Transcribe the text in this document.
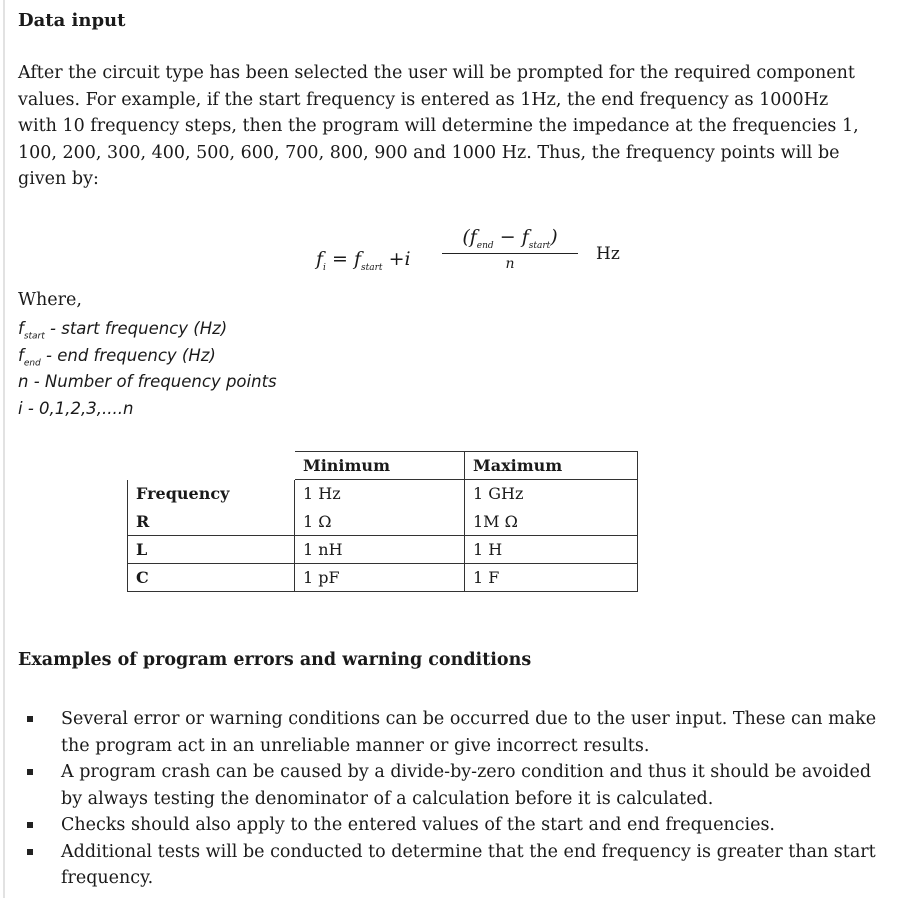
Data input

After the circuit type has been selected the user will be prompted for the required component values. For example, if the start frequency is entered as 1Hz, the end frequency as 1000Hz with 10 frequency steps, then the program will determine the impedance at the frequencies 1, 100, 200, 300, 400, 500, 600, 700, 800, 900 and 1000 Hz. Thus, the frequency points will be given by:

$f_i = f_{start} +i$
$(f_{end} - f_{start})$
n
Hz

Where,

$f_{start}$ - start frequency (Hz)
$f_{end}$ - end frequency (Hz)
n - Number of frequency points
i - 0,1,2,3,....n
	Minimum	Maximum
Frequency	1 Hz	1 GHz
R	1 Ω	1M Ω
L	1 nH	1 H
C	1 pF	1 F
Examples of program errors and warning conditions
Several error or warning conditions can be occurred due to the user input. These can make the program act in an unreliable manner or give incorrect results.
A program crash can be caused by a divide-by-zero condition and thus it should be avoided by always testing the denominator of a calculation before it is calculated.
Checks should also apply to the entered values of the start and end frequencies.
Additional tests will be conducted to determine that the end frequency is greater than start frequency.
